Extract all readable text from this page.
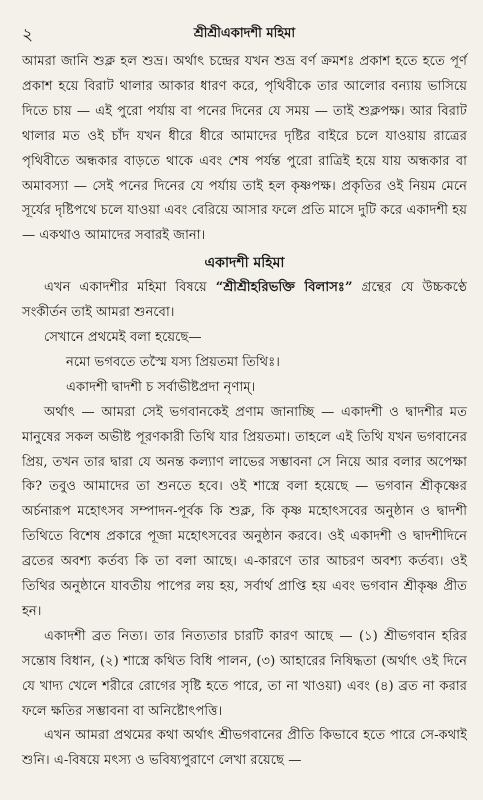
২	শ্রীশ্রীএকাদশী মহিমা

আমরা জানি শুক্ল হল শুভ্র। অর্থাৎ চন্দ্রের যখন শুভ্র বর্ণ ক্রমশঃ প্রকাশ হতে হতে পূর্ণ প্রকাশ হয়ে বিরাট থালার আকার ধারণ করে, পৃথিবীকে তার আলোর বন্যায় ভাসিয়ে দিতে চায় — এই পুরো পর্যায় বা পনের দিনের যে সময় — তাই শুক্লপক্ষ। আর বিরাট থালার মত ওই চাঁদ যখন ধীরে ধীরে আমাদের দৃষ্টির বাইরে চলে যাওয়ায় রাত্রের পৃথিবীতে অন্ধকার বাড়তে থাকে এবং শেষ পর্যন্ত পুরো রাত্রিই হয়ে যায় অন্ধকার বা অমাবস্যা — সেই পনের দিনের যে পর্যায় তাই হল কৃষ্ণপক্ষ। প্রকৃতির ওই নিয়ম মেনে সূর্যের দৃষ্টিপথে চলে যাওয়া এবং বেরিয়ে আসার ফলে প্রতি মাসে দুটি করে একাদশী হয় — একথাও আমাদের সবারই জানা।

একাদশী মহিমা

এখন একাদশীর মহিমা বিষয়ে “শ্রীশ্রীহরিভক্তি বিলাসঃ” গ্রন্থের যে উচ্চকণ্ঠে সংকীর্তন তাই আমরা শুনবো।

সেখানে প্রথমেই বলা হয়েছে—

নমো ভগবতে তস্মৈ যস্য প্রিয়তমা তিথিঃ।
একাদশী দ্বাদশী চ সর্বাভীষ্টপ্রদা নৃণাম্।

অর্থাৎ — আমরা সেই ভগবানকেই প্রণাম জানাচ্ছি — একাদশী ও দ্বাদশীর মত মানুষের সকল অভীষ্ট পূরণকারী তিথি যার প্রিয়তমা। তাহলে এই তিথি যখন ভগবানের প্রিয়, তখন তার দ্বারা যে অনন্ত কল্যাণ লাভের সম্ভাবনা সে নিয়ে আর বলার অপেক্ষা কি? তবুও আমাদের তা শুনতে হবে। ওই শাস্ত্রে বলা হয়েছে — ভগবান শ্রীকৃষ্ণের অর্চনারূপ মহোৎসব সম্পাদন-পূর্বক কি শুক্ল, কি কৃষ্ণ মহোৎসবের অনুষ্ঠান ও দ্বাদশী তিথিতে বিশেষ প্রকারে পূজা মহোৎসবের অনুষ্ঠান করবে। ওই একাদশী ও দ্বাদশীদিনে ব্রতের অবশ্য কর্তব্য কি তা বলা আছে। এ-কারণে তার আচরণ অবশ্য কর্তব্য। ওই তিথির অনুষ্ঠানে যাবতীয় পাপের লয় হয়, সর্বার্থ প্রাপ্তি হয় এবং ভগবান শ্রীকৃষ্ণ প্রীত হন।

একাদশী ব্রত নিত্য। তার নিত্যতার চারটি কারণ আছে — (১) শ্রীভগবান হরির সন্তোষ বিধান, (২) শাস্ত্রে কথিত বিধি পালন, (৩) আহারের নিষিদ্ধতা (অর্থাৎ ওই দিনে যে খাদ্য খেলে শরীরে রোগের সৃষ্টি হতে পারে, তা না খাওয়া) এবং (৪) ব্রত না করার ফলে ক্ষতির সম্ভাবনা বা অনিষ্টোৎপত্তি।

এখন আমরা প্রথমের কথা অর্থাৎ শ্রীভগবানের প্রীতি কিভাবে হতে পারে সে-কথাই শুনি। এ-বিষয়ে মৎস্য ও ভবিষ্যপুরাণে লেখা রয়েছে —
